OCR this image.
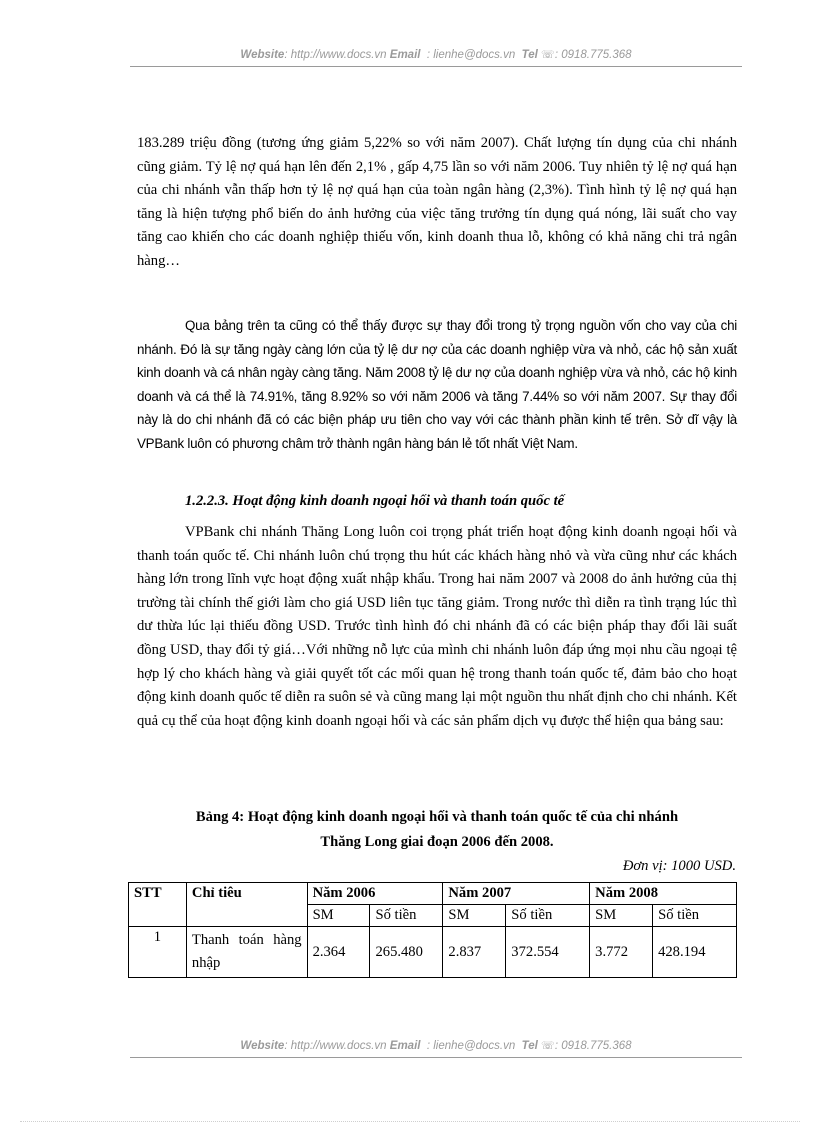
Website: http://www.docs.vn Email : lienhe@docs.vn Tel ☏: 0918.775.368
183.289 triệu đồng (tương ứng giảm 5,22% so với năm 2007). Chất lượng tín dụng của chi nhánh cũng giảm. Tỷ lệ nợ quá hạn lên đến 2,1% , gấp 4,75 lần so với năm 2006. Tuy nhiên tỷ lệ nợ quá hạn của chi nhánh vẫn thấp hơn tỷ lệ nợ quá hạn của toàn ngân hàng (2,3%). Tình hình tỷ lệ nợ quá hạn tăng là hiện tượng phổ biến do ảnh hưởng của việc tăng trưởng tín dụng quá nóng, lãi suất cho vay tăng cao khiến cho các doanh nghiệp thiếu vốn, kinh doanh thua lỗ, không có khả năng chi trả ngân hàng…
Qua bảng trên ta cũng có thể thấy được sự thay đổi trong tỷ trọng nguồn vốn cho vay của chi nhánh. Đó là sự tăng ngày càng lớn của tỷ lệ dư nợ của các doanh nghiệp vừa và nhỏ, các hộ sản xuất kinh doanh và cá nhân ngày càng tăng. Năm 2008 tỷ lệ dư nợ của doanh nghiệp vừa và nhỏ, các hộ kinh doanh và cá thể là 74.91%, tăng 8.92% so với năm 2006 và tăng 7.44% so với năm 2007. Sự thay đổi này là do chi nhánh đã có các biện pháp ưu tiên cho vay với các thành phần kinh tế trên. Sở dĩ vậy là VPBank luôn có phương châm trở thành ngân hàng bán lẻ tốt nhất Việt Nam.
1.2.2.3. Hoạt động kinh doanh ngoại hối và thanh toán quốc tế
VPBank chi nhánh Thăng Long luôn coi trọng phát triển hoạt động kinh doanh ngoại hối và thanh toán quốc tế. Chi nhánh luôn chú trọng thu hút các khách hàng nhỏ và vừa cũng như các khách hàng lớn trong lĩnh vực hoạt động xuất nhập khẩu. Trong hai năm 2007 và 2008 do ảnh hưởng của thị trường tài chính thế giới làm cho giá USD liên tục tăng giảm. Trong nước thì diễn ra tình trạng lúc thì dư thừa lúc lại thiếu đồng USD. Trước tình hình đó chi nhánh đã có các biện pháp thay đổi lãi suất đồng USD, thay đổi tỷ giá…Với những nỗ lực của mình chi nhánh luôn đáp ứng mọi nhu cầu ngoại tệ hợp lý cho khách hàng và giải quyết tốt các mối quan hệ trong thanh toán quốc tế, đảm bảo cho hoạt động kinh doanh quốc tế diễn ra suôn sẻ và cũng mang lại một nguồn thu nhất định cho chi nhánh. Kết quả cụ thể của hoạt động kinh doanh ngoại hối và các sản phẩm dịch vụ được thể hiện qua bảng sau:
Bảng 4: Hoạt động kinh doanh ngoại hối và thanh toán quốc tế của chi nhánh
Thăng Long giai đoạn 2006 đến 2008.
Đơn vị: 1000 USD.
STT	Chỉ tiêu	Năm 2006		Năm 2007		Năm 2008	
		SM	Số tiền	SM	Số tiền	SM	Số tiền
1	Thanh toán hàng nhập	2.364	265.480	2.837	372.554	3.772	428.194
Website: http://www.docs.vn Email : lienhe@docs.vn Tel ☏: 0918.775.368
